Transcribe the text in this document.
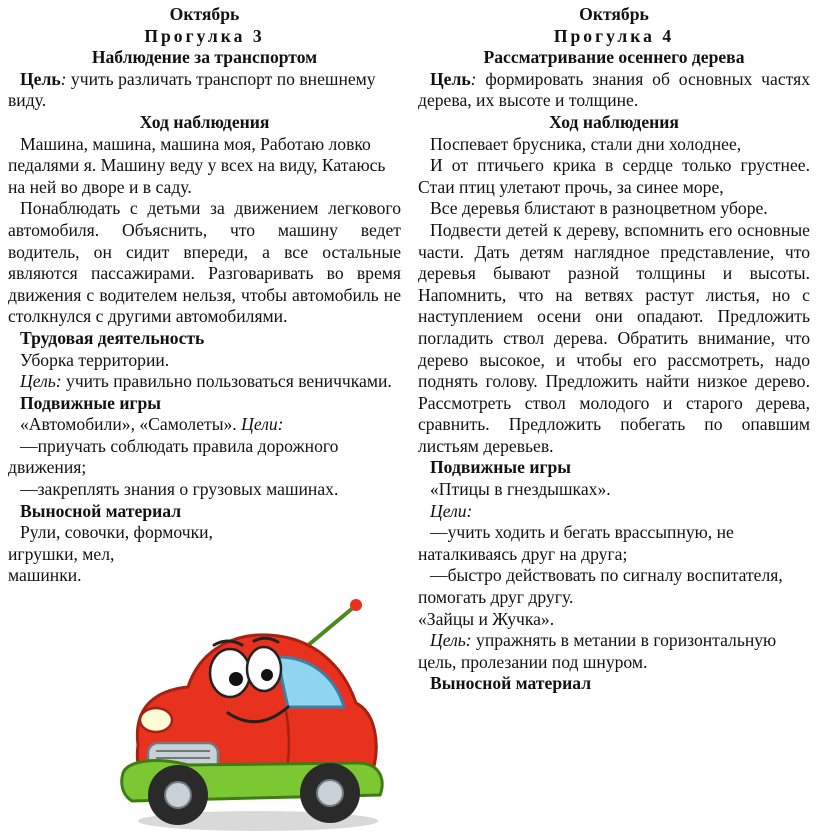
Октябрь

Прогулка 3

Наблюдение за транспортом

Цель: учить различать транспорт по внешнему виду.

Ход наблюдения

Машина, машина, машина моя, Работаю ловко педалями я. Машину веду у всех на виду, Катаюсь на ней во дворе и в саду.

Понаблюдать с детьми за движением легкового автомобиля. Объяснить, что машину ведет водитель, он сидит впереди, а все остальные являются пассажирами. Разговаривать во время движения с водителем нельзя, чтобы автомобиль не столкнулся с другими автомобилями.

Трудовая деятельность

Уборка территории.

Цель: учить правильно пользоваться вениччками.

Подвижные игры

«Автомобили», «Самолеты». Цели:

—приучать соблюдать правила дорожного движения;

—закреплять знания о грузовых машинах.

Выносной материал

Рули, совочки, формочки,

игрушки, мел,

машинки.

Октябрь

Прогулка 4

Рассматривание осеннего дерева

Цель: формировать знания об основных частях дерева, их высоте и толщине.

Ход наблюдения

Поспевает брусника, стали дни холоднее,

И от птичьего крика в сердце только грустнее. Стаи птиц улетают прочь, за синее море,

Все деревья блистают в разноцветном уборе.

Подвести детей к дереву, вспомнить его основные части. Дать детям наглядное представление, что деревья бывают разной толщины и высоты. Напомнить, что на ветвях растут листья, но с наступлением осени они опадают. Предложить погладить ствол дерева. Обратить внимание, что дерево высокое, и чтобы его рассмотреть, надо поднять голову. Предложить найти низкое дерево. Рассмотреть ствол молодого и старого дерева, сравнить. Предложить побегать по опавшим листьям деревьев.

Подвижные игры

«Птицы в гнездышках».

Цели:

—учить ходить и бегать врассыпную, не наталкиваясь друг на друга;

—быстро действовать по сигналу воспитателя, помогать друг другу.

«Зайцы и Жучка».

Цель: упражнять в метании в горизонтальную цель, пролезании под шнуром.

Выносной материал
